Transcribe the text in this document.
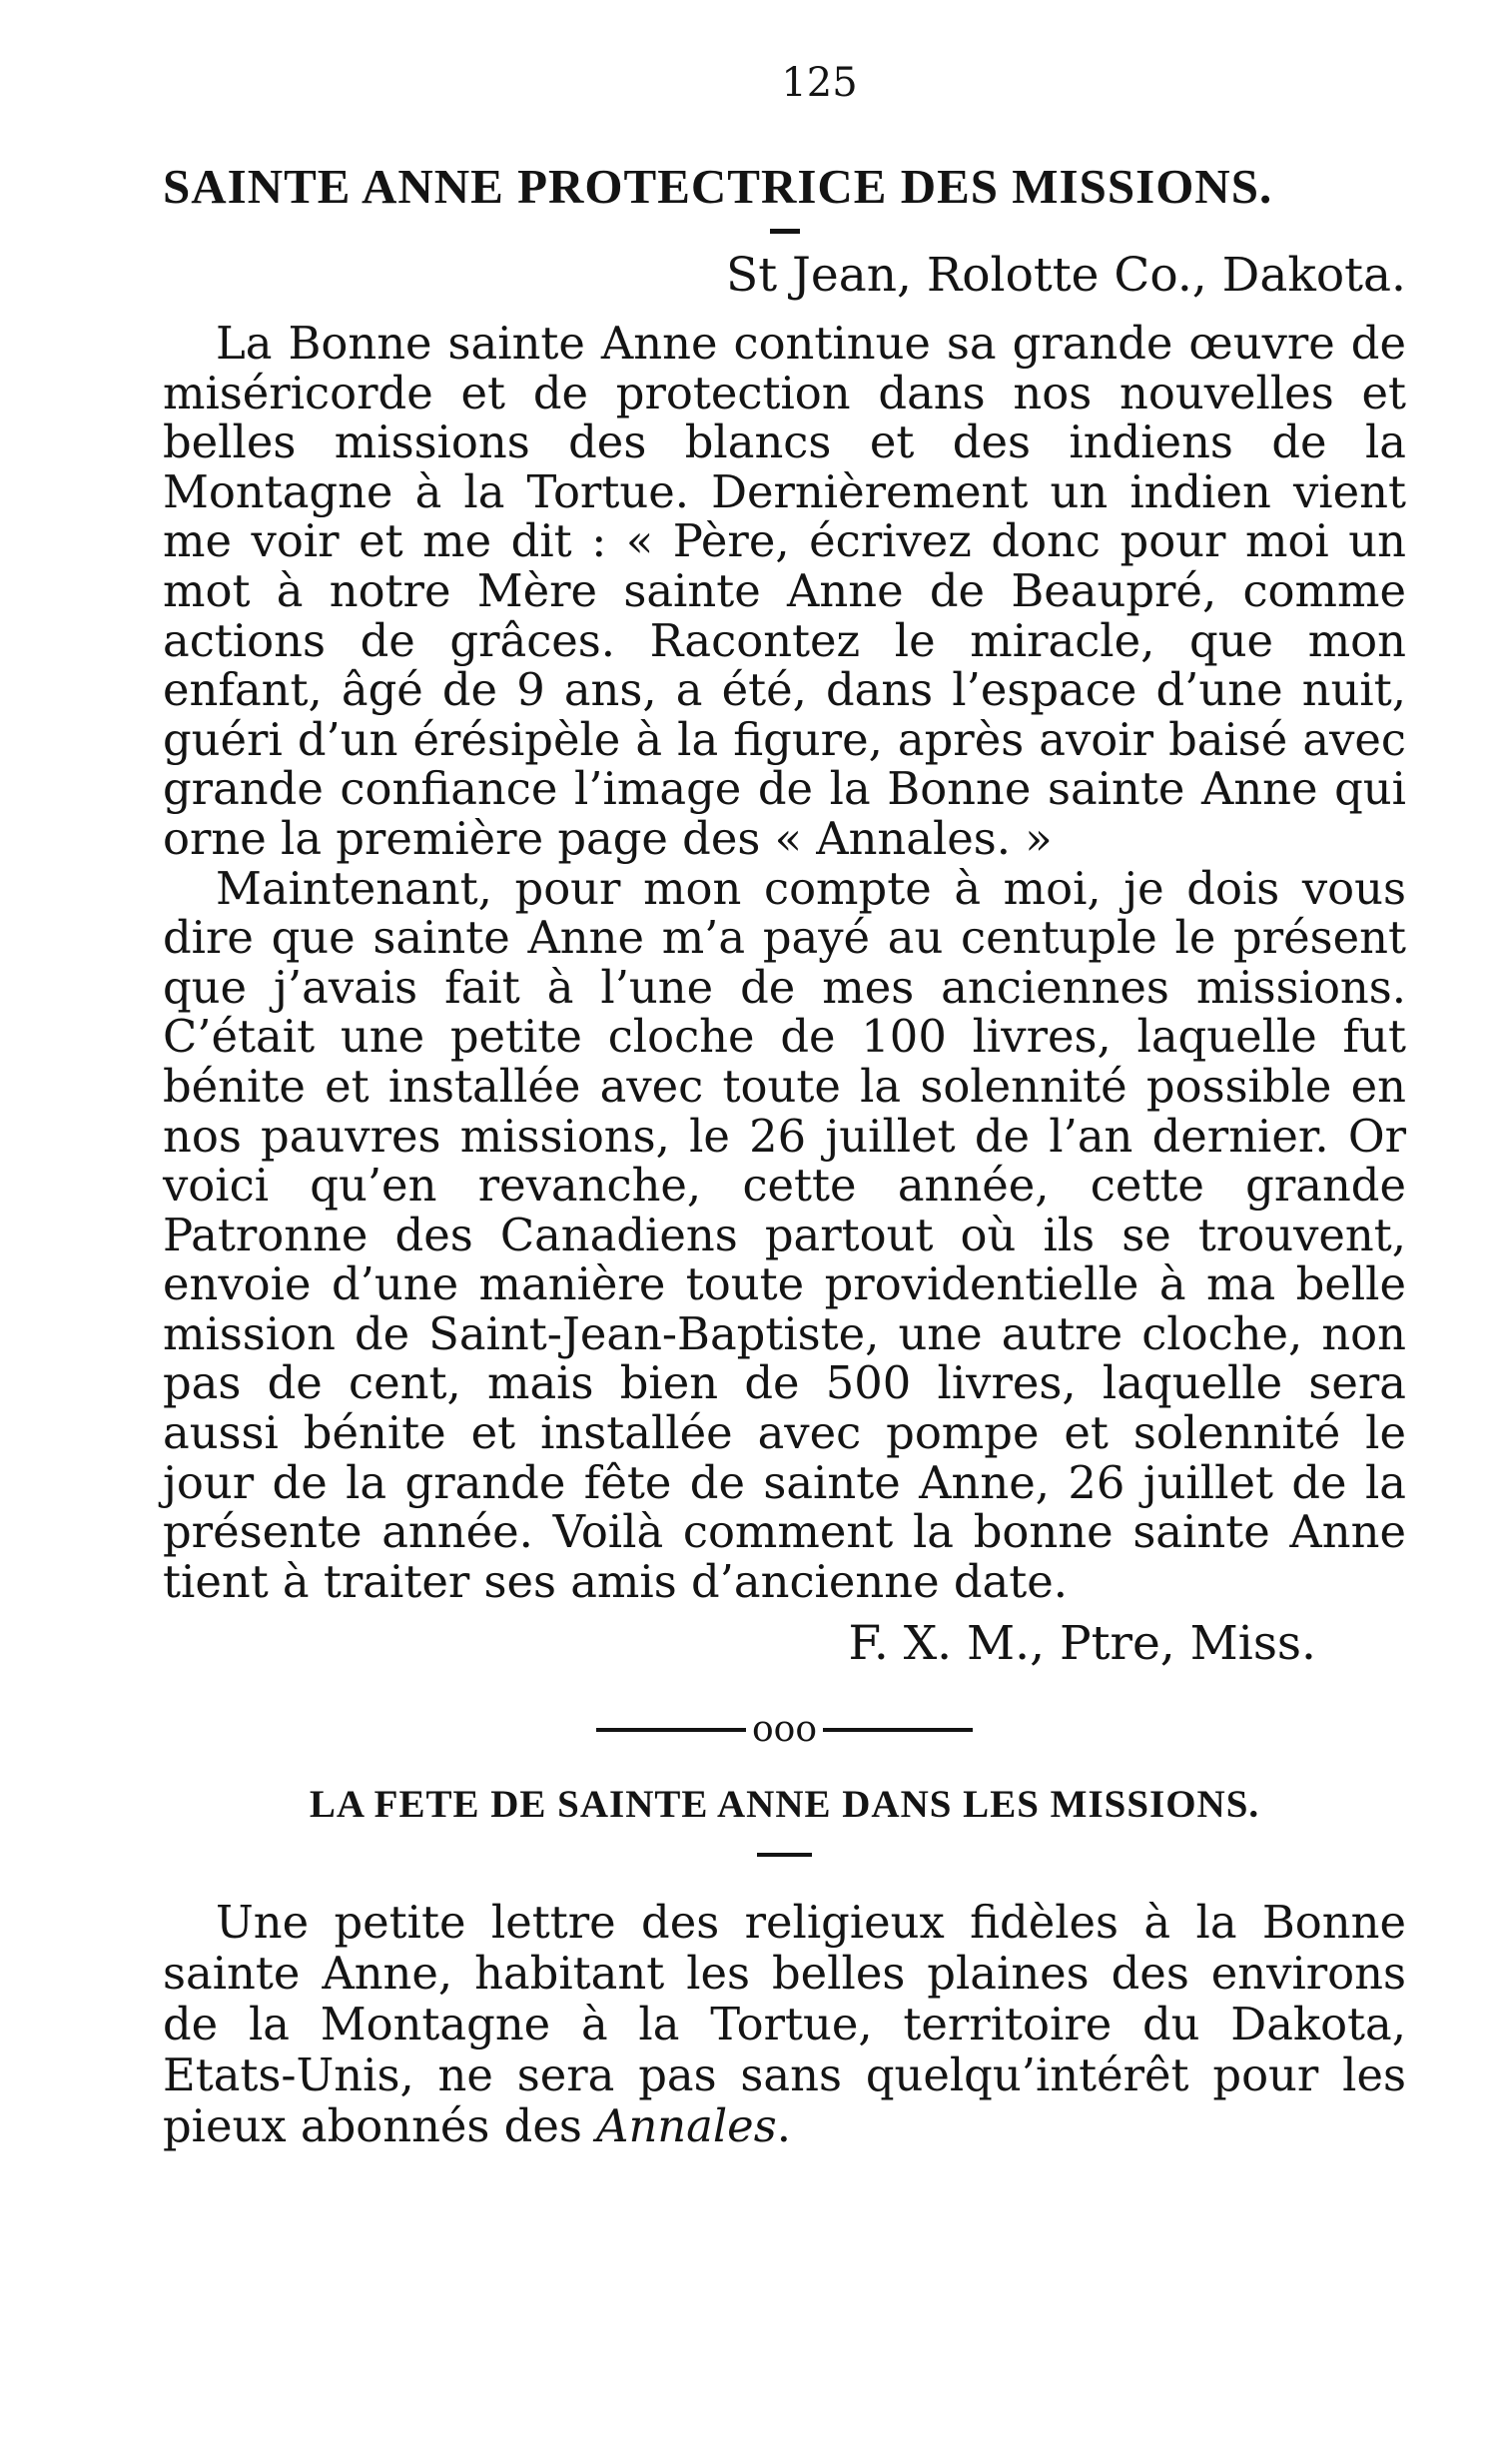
125
SAINTE ANNE PROTECTRICE DES MISSIONS.
St Jean, Rolotte Co., Dakota.

La Bonne sainte Anne continue sa grande œuvre de miséricorde et de protection dans nos nouvelles et belles missions des blancs et des indiens de la Montagne à la Tortue. Dernièrement un indien vient me voir et me dit : « Père, écrivez donc pour moi un mot à notre Mère sainte Anne de Beaupré, comme actions de grâces. Racontez le miracle, que mon enfant, âgé de 9 ans, a été, dans l’espace d’une nuit, guéri d’un érésipèle à la figure, après avoir baisé avec grande confiance l’image de la Bonne sainte Anne qui orne la première page des « Annales. »

Maintenant, pour mon compte à moi, je dois vous dire que sainte Anne m’a payé au centuple le présent que j’avais fait à l’une de mes anciennes missions. C’était une petite cloche de 100 livres, laquelle fut bénite et installée avec toute la solennité possible en nos pauvres missions, le 26 juillet de l’an dernier. Or voici qu’en revanche, cette année, cette grande Patronne des Canadiens partout où ils se trouvent, envoie d’une manière toute providentielle à ma belle mission de Saint-Jean-Baptiste, une autre cloche, non pas de cent, mais bien de 500 livres, laquelle sera aussi bénite et installée avec pompe et solennité le jour de la grande fête de sainte Anne, 26 juillet de la présente année. Voilà comment la bonne sainte Anne tient à traiter ses amis d’ancienne date.

F. X. M., Ptre, Miss.
ooo
LA FETE DE SAINTE ANNE DANS LES MISSIONS.

Une petite lettre des religieux fidèles à la Bonne sainte Anne, habitant les belles plaines des environs de la Montagne à la Tortue, territoire du Dakota, Etats-Unis, ne sera pas sans quelqu’intérêt pour les pieux abonnés des Annales.
